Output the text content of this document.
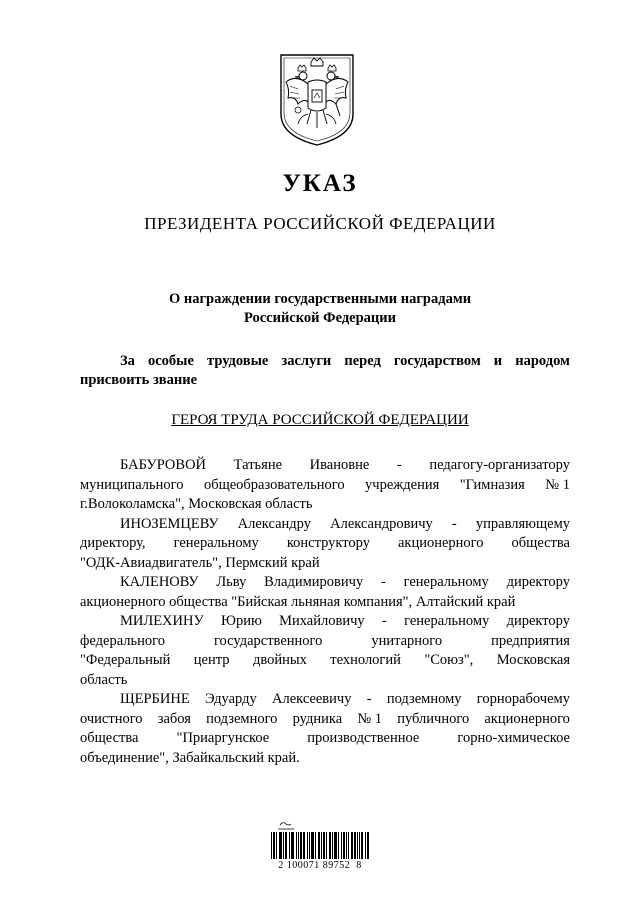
УКАЗ
ПРЕЗИДЕНТА РОССИЙСКОЙ ФЕДЕРАЦИИ
О награждении государственными наградами
Российской Федерации
За особые трудовые заслуги перед государством и народом
присвоить звание
ГЕРОЯ ТРУДА РОССИЙСКОЙ ФЕДЕРАЦИИ
БАБУРОВОЙ Татьяне Ивановне - педагогу-организатору
муниципального общеобразовательного учреждения "Гимназия № 1
г.Волоколамска", Московская область
ИНОЗЕМЦЕВУ Александру Александровичу - управляющему
директору, генеральному конструктору акционерного общества
"ОДК-Авиадвигатель", Пермский край
КАЛЕНОВУ Льву Владимировичу - генеральному директору
акционерного общества "Бийская льняная компания", Алтайский край
МИЛЕХИНУ Юрию Михайловичу - генеральному директору
федерального	государственного	унитарного	предприятия
"Федеральный центр двойных технологий "Союз", Московская
область
ЩЕРБИНЕ Эдуарду Алексеевичу - подземному горнорабочему
очистного забоя подземного рудника № 1 публичного акционерного
общества	"Приаргунское	производственное	горно-химическое
объединение", Забайкальский край.
2 100071 89752  8
